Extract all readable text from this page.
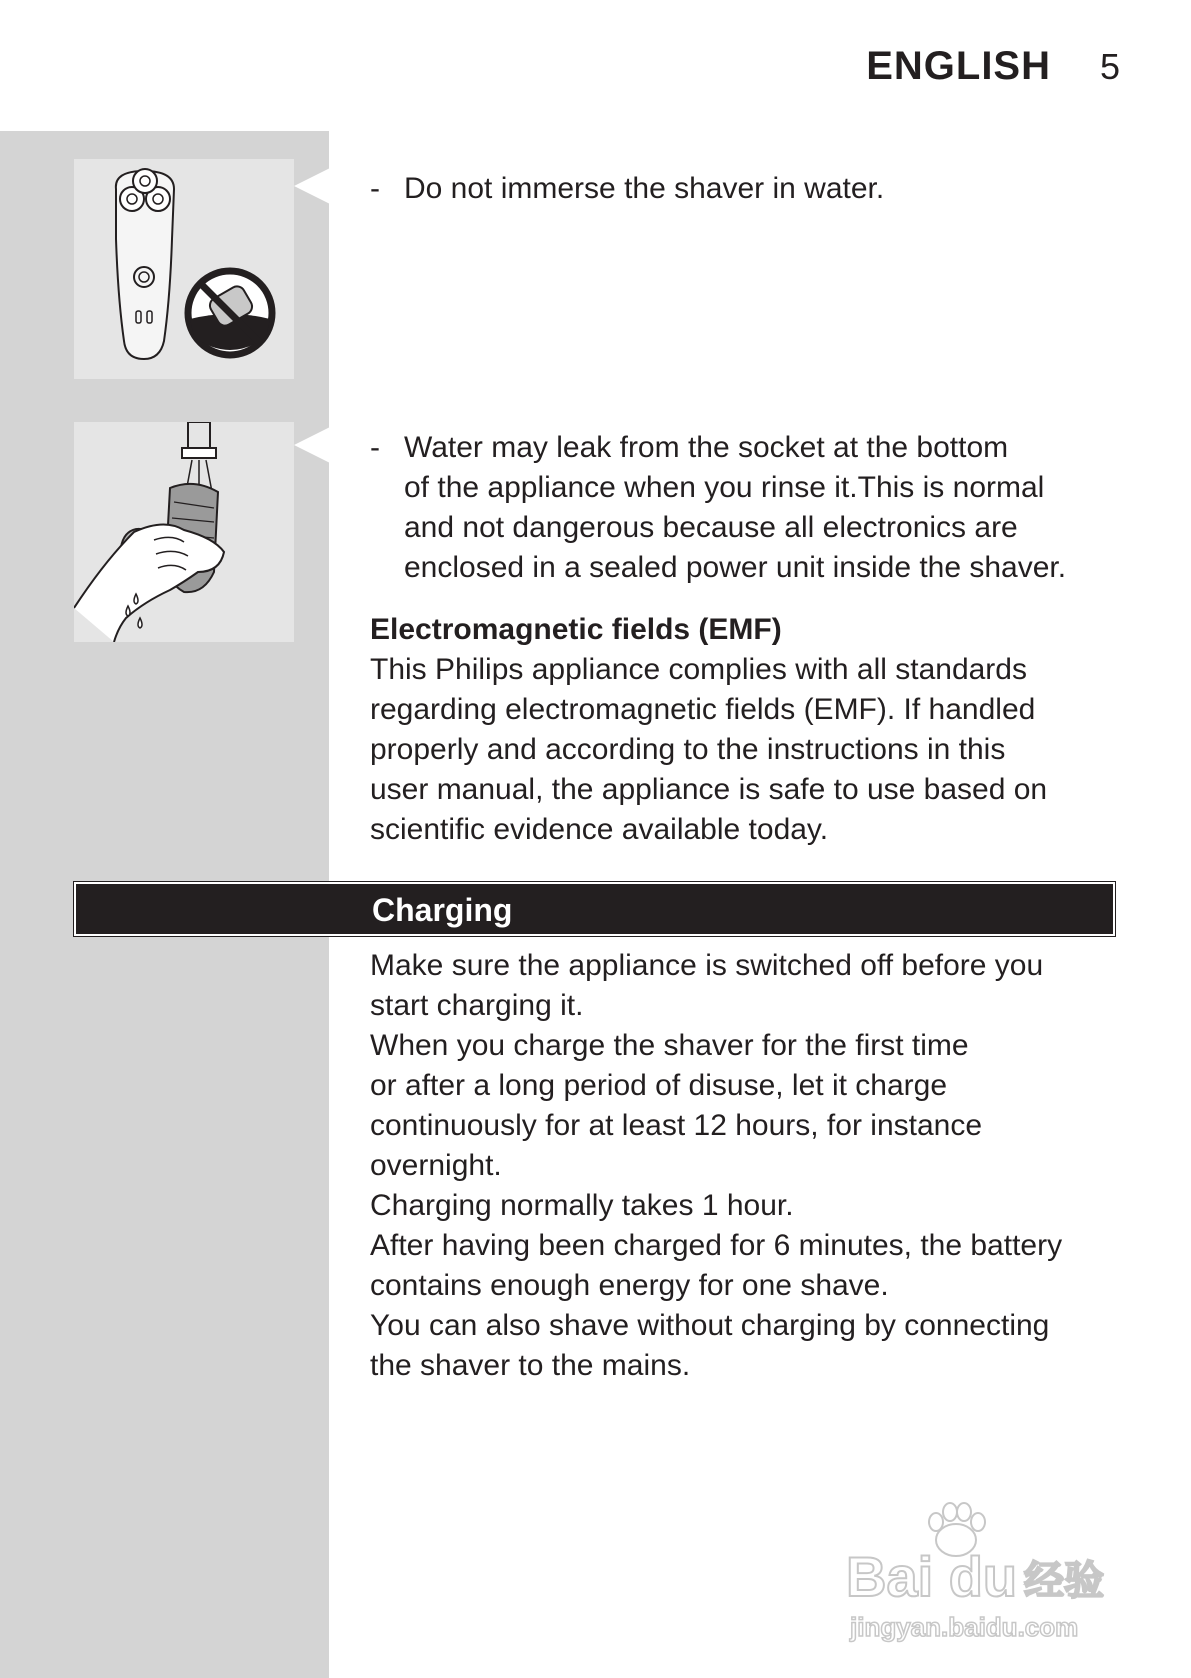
ENGLISH 5
- Do not immerse the shaver in water.
- Water may leak from the socket at the bottom
of the appliance when you rinse it.This is normal
and not dangerous because all electronics are
enclosed in a sealed power unit inside the shaver.
Electromagnetic fields (EMF)
This Philips appliance complies with all standards
regarding electromagnetic fields (EMF). If handled
properly and according to the instructions in this
user manual, the appliance is safe to use based on
scientific evidence available today.
Charging
Make sure the appliance is switched off before you
start charging it.
When you charge the shaver for the first time
or after a long period of disuse, let it charge
continuously for at least 12 hours, for instance
overnight.
Charging normally takes 1 hour.
After having been charged for 6 minutes, the battery
contains enough energy for one shave.
You can also shave without charging by connecting
the shaver to the mains.
Bai du 经验
jingyan.baidu.com
